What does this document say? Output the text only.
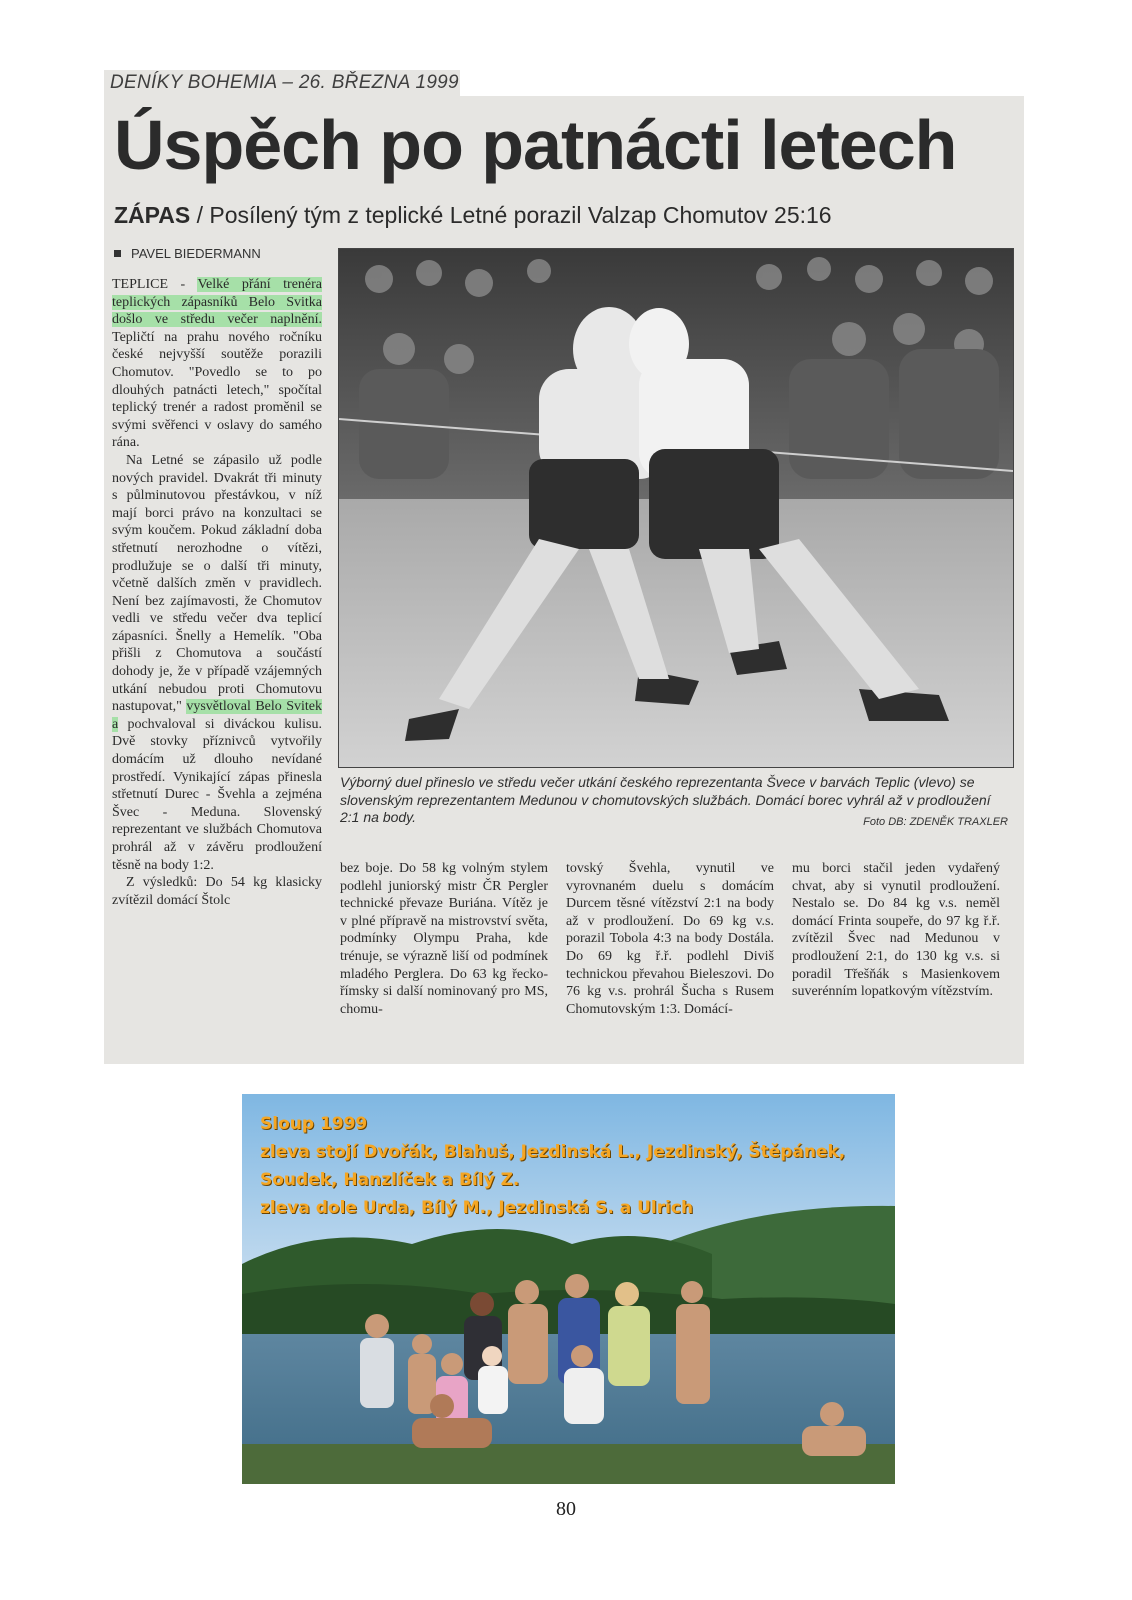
DENÍKY BOHEMIA – 26. BŘEZNA 1999
Úspěch po patnácti letech
ZÁPAS / Posílený tým z teplické Letné porazil Valzap Chomutov 25:16
PAVEL BIEDERMANN

TEPLICE - Velké přání trenéra teplických zápasníků Belo Svitka došlo ve středu večer naplnění. Tepličtí na prahu nového ročníku české nejvyšší soutěže porazili Chomutov. "Povedlo se to po dlouhých patnácti letech," spočítal teplický trenér a radost proměnil se svými svěřenci v oslavy do samého rána.

Na Letné se zápasilo už podle nových pravidel. Dvakrát tři minuty s půlminutovou přestávkou, v níž mají borci právo na konzultaci se svým koučem. Pokud základní doba střetnutí nerozhodne o vítězi, prodlužuje se o další tři minuty, včetně dalších změn v pravidlech. Není bez zajímavosti, že Chomutov vedli ve středu večer dva teplicí zápasníci. Šnelly a Hemelík. "Oba přišli z Chomutova a součástí dohody je, že v případě vzájemných utkání nebudou proti Chomutovu nastupovat," vysvětloval Belo Svitek a pochvaloval si diváckou kulisu. Dvě stovky příznivců vytvořily domácím už dlouho nevídané prostředí. Vynikající zápas přinesla střetnutí Durec - Švehla a zejména Švec - Meduna. Slovenský reprezentant ve službách Chomutova prohrál až v závěru prodloužení těsně na body 1:2.

Z výsledků: Do 54 kg klasicky zvítězil domácí Štolc

Výborný duel přineslo ve středu večer utkání českého reprezentanta Švece v barvách Teplic (vlevo) se slovenským reprezentantem Medunou v chomutovských službách. Domácí borec vyhrál až v prodloužení 2:1 na body.	Foto DB: ZDENĚK TRAXLER

bez boje. Do 58 kg volným stylem podlehl juniorský mistr ČR Pergler technické převaze Buriána. Vítěz je v plné přípravě na mistrovství světa, podmínky Olympu Praha, kde trénuje, se výrazně liší od podmínek mladého Perglera. Do 63 kg řecko-římsky si další nominovaný pro MS, chomu-

tovský Švehla, vynutil ve vyrovnaném duelu s domácím Durcem těsné vítězství 2:1 na body až v prodloužení. Do 69 kg v.s. porazil Tobola 4:3 na body Dostála. Do 69 kg ř.ř. podlehl Diviš technickou převahou Bieleszovi. Do 76 kg v.s. prohrál Šucha s Rusem Chomutovským 1:3. Domácí-

mu borci stačil jeden vydařený chvat, aby si vynutil prodloužení. Nestalo se. Do 84 kg v.s. neměl domácí Frinta soupeře, do 97 kg ř.ř. zvítězil Švec nad Medunou v prodloužení 2:1, do 130 kg v.s. si poradil Třešňák s Masienkovem suverénním lopatkovým vítězstvím.

Sloup 1999
zleva stojí Dvořák, Blahuš, Jezdinská L., Jezdinský, Štěpánek,
Soudek, Hanzlíček a Bílý Z.
zleva dole Urda, Bílý M., Jezdinská S. a Ulrich
80
